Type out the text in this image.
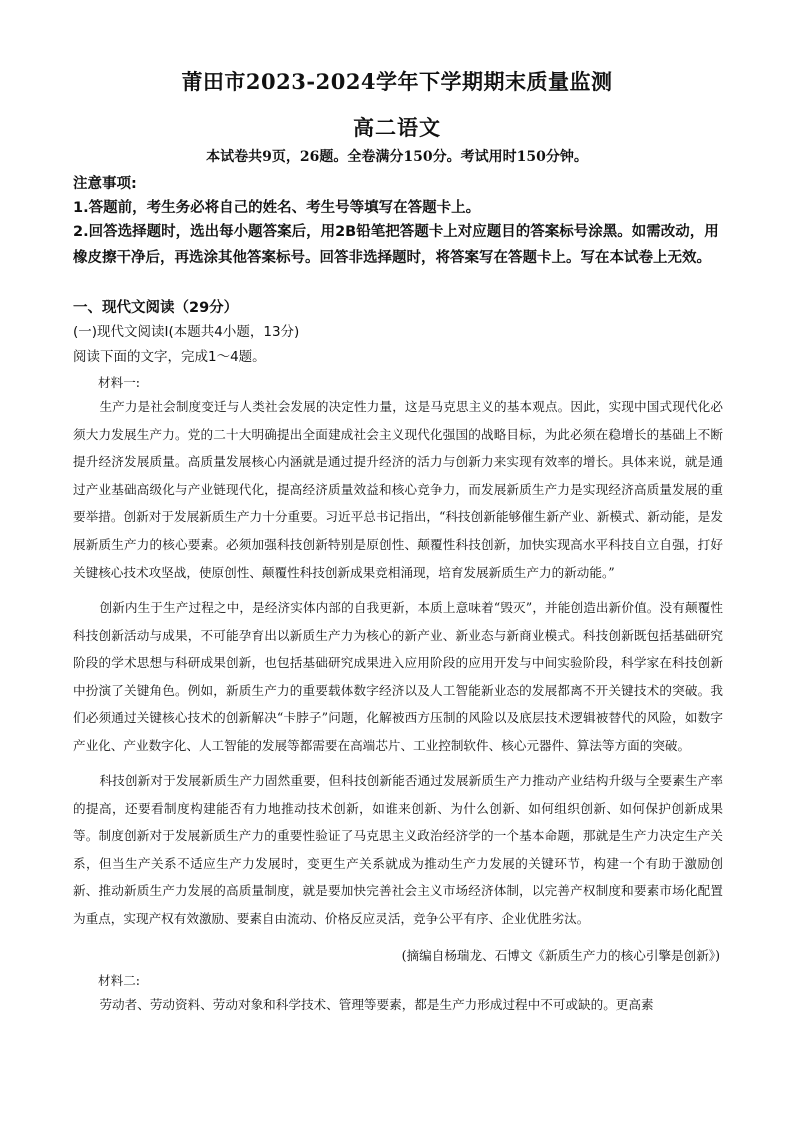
莆田市2023-2024学年下学期期末质量监测
高二语文
本试卷共9页，26题。全卷满分150分。考试用时150分钟。
注意事项:
1.答题前，考生务必将自己的姓名、考生号等填写在答题卡上。
2.回答选择题时，选出每小题答案后，用2B铅笔把答题卡上对应题目的答案标号涂黑。如需改动，用橡皮擦干净后，再选涂其他答案标号。回答非选择题时，将答案写在答题卡上。写在本试卷上无效。
一、现代文阅读（29分）
(一)现代文阅读Ⅰ(本题共4小题，13分)
阅读下面的文字，完成1～4题。
材料一:

生产力是社会制度变迁与人类社会发展的决定性力量，这是马克思主义的基本观点。因此，实现中国式现代化必须大力发展生产力。党的二十大明确提出全面建成社会主义现代化强国的战略目标，为此必须在稳增长的基础上不断提升经济发展质量。高质量发展核心内涵就是通过提升经济的活力与创新力来实现有效率的增长。具体来说，就是通过产业基础高级化与产业链现代化，提高经济质量效益和核心竞争力，而发展新质生产力是实现经济高质量发展的重要举措。创新对于发展新质生产力十分重要。习近平总书记指出，“科技创新能够催生新产业、新模式、新动能，是发展新质生产力的核心要素。必须加强科技创新特别是原创性、颠覆性科技创新，加快实现高水平科技自立自强，打好关键核心技术攻坚战，使原创性、颠覆性科技创新成果竞相涌现，培育发展新质生产力的新动能。”

创新内生于生产过程之中，是经济实体内部的自我更新，本质上意味着“毁灭”，并能创造出新价值。没有颠覆性科技创新活动与成果，不可能孕育出以新质生产力为核心的新产业、新业态与新商业模式。科技创新既包括基础研究阶段的学术思想与科研成果创新，也包括基础研究成果进入应用阶段的应用开发与中间实验阶段，科学家在科技创新中扮演了关键角色。例如，新质生产力的重要载体数字经济以及人工智能新业态的发展都离不开关键技术的突破。我们必须通过关键核心技术的创新解决“卡脖子”问题，化解被西方压制的风险以及底层技术逻辑被替代的风险，如数字产业化、产业数字化、人工智能的发展等都需要在高端芯片、工业控制软件、核心元器件、算法等方面的突破。

科技创新对于发展新质生产力固然重要，但科技创新能否通过发展新质生产力推动产业结构升级与全要素生产率的提高，还要看制度构建能否有力地推动技术创新，如谁来创新、为什么创新、如何组织创新、如何保护创新成果等。制度创新对于发展新质生产力的重要性验证了马克思主义政治经济学的一个基本命题，那就是生产力决定生产关系，但当生产关系不适应生产力发展时，变更生产关系就成为推动生产力发展的关键环节，构建一个有助于激励创新、推动新质生产力发展的高质量制度，就是要加快完善社会主义市场经济体制，以完善产权制度和要素市场化配置为重点，实现产权有效激励、要素自由流动、价格反应灵活，竞争公平有序、企业优胜劣汰。

(摘编自杨瑞龙、石博文《新质生产力的核心引擎是创新》)
材料二:

劳动者、劳动资料、劳动对象和科学技术、管理等要素，都是生产力形成过程中不可或缺的。更高素
